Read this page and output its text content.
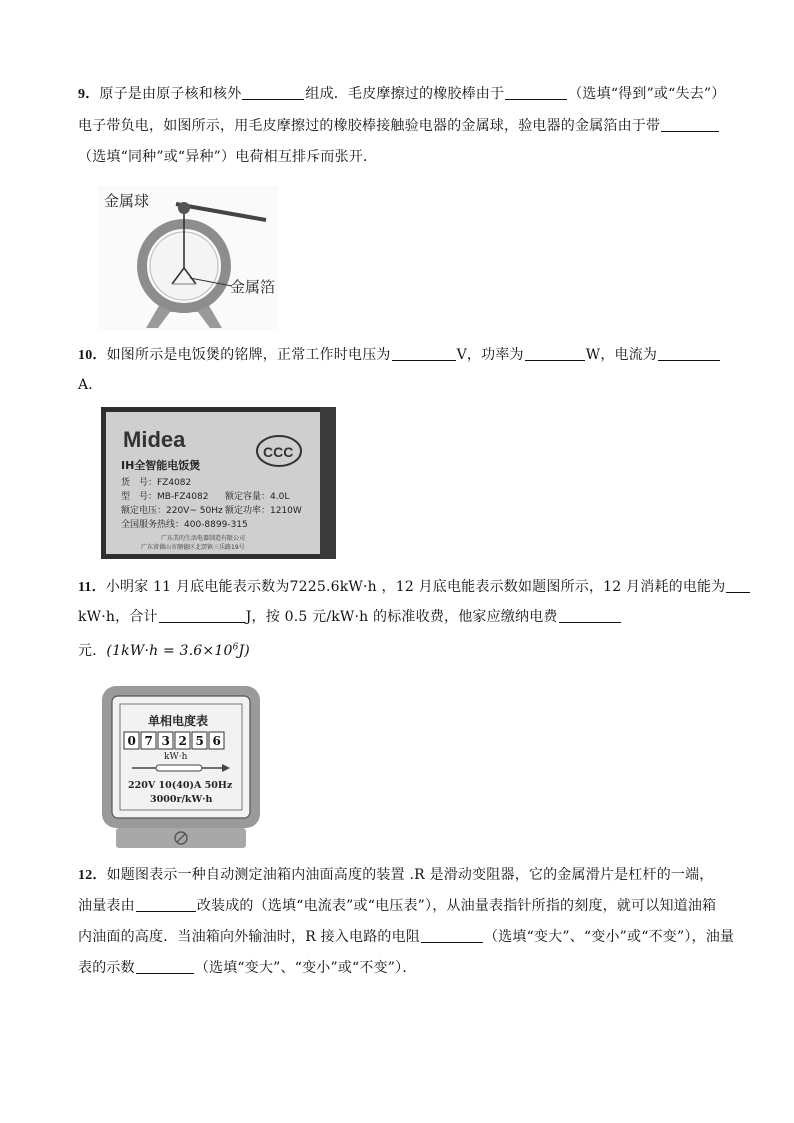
9．原子是由原子核和核外	组成．毛皮摩擦过的橡胶棒由于	（选填“得到”或“失去”）
电子带负电，如图所示，用毛皮摩擦过的橡胶棒接触验电器的金属球，验电器的金属箔由于带
（选填“同种”或“异种”）电荷相互排斥而张开．
金属球
金属箔
10．如图所示是电饭煲的铭牌，正常工作时电压为	V，功率为	W，电流为
A．
Midea	CCC
IH全智能电饭煲
货　号：FZ4082
型　号：MB-FZ4082 额定容量：4.0L
额定电压：220V~ 50Hz 额定功率：1210W
全国服务热线：400-8899-315
广东美的生活电器制造有限公司
广东省佛山市顺德区北滘镇三乐路19号
11．小明家 11 月底电能表示数为7225.6kW·h ，12 月底电能表示数如题图所示，12 月消耗的电能为
kW·h，合计	J，按 0.5 元/kW·h 的标准收费，他家应缴纳电费
元．$(1kW\cdot h = 3.6\times 10^6J)$
单相电度表
0 7 3 2 5 6
kW·h
220V 10(40)A 50Hz
3000r/kW·h
12．如题图表示一种自动测定油箱内油面高度的装置 .R 是滑动变阻器，它的金属滑片是杠杆的一端，
油量表由	改装成的（选填“电流表”或“电压表”），从油量表指针所指的刻度，就可以知道油箱
内油面的高度．当油箱向外输油时，R 接入电路的电阻	（选填“变大”、“变小”或“不变”），油量
表的示数	（选填“变大”、“变小”或“不变”）．
